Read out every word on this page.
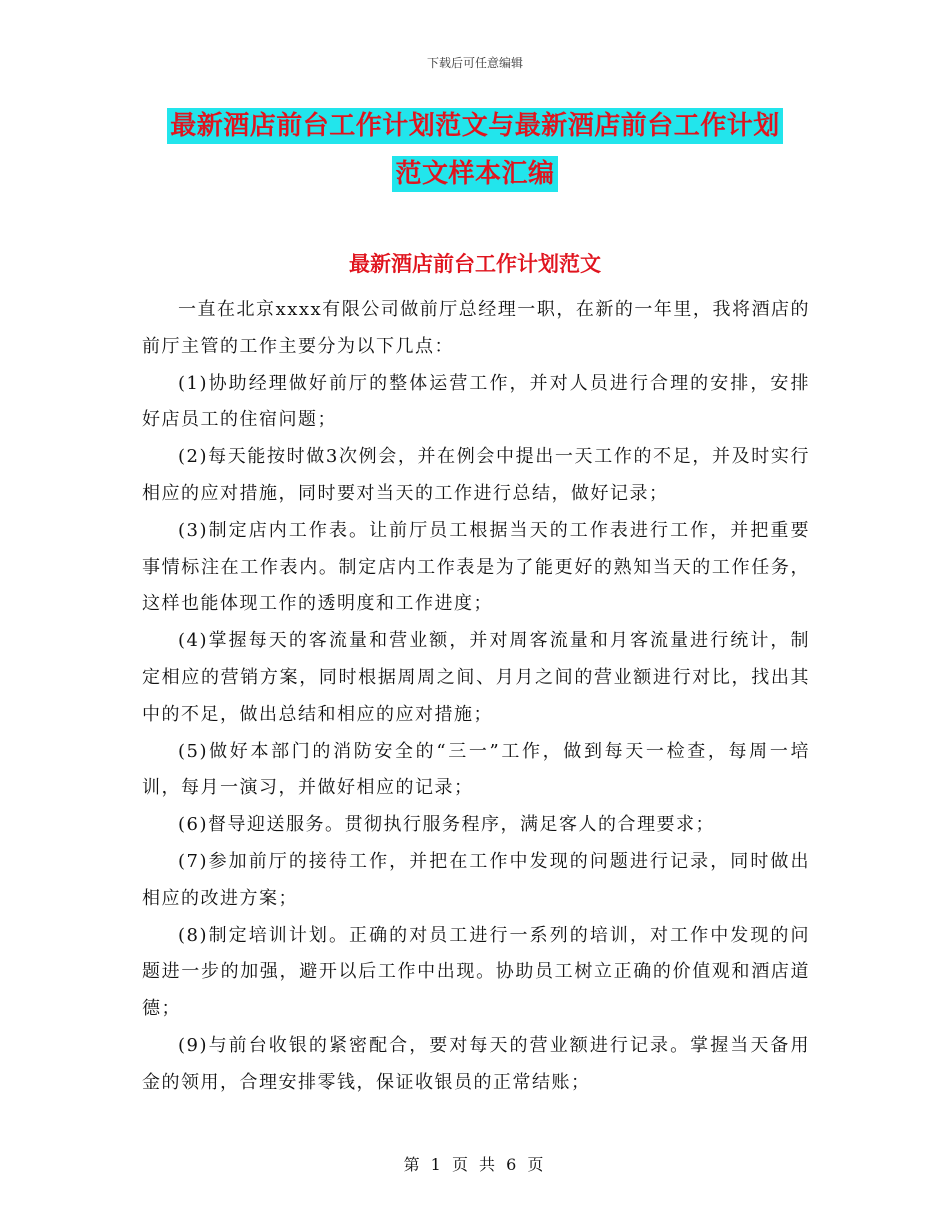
下载后可任意编辑
最新酒店前台工作计划范文与最新酒店前台工作计划
范文样本汇编
最新酒店前台工作计划范文

一直在北京xxxx有限公司做前厅总经理一职，在新的一年里，我将酒店的前厅主管的工作主要分为以下几点：

(1)协助经理做好前厅的整体运营工作，并对人员进行合理的安排，安排好店员工的住宿问题；

(2)每天能按时做3次例会，并在例会中提出一天工作的不足，并及时实行相应的应对措施，同时要对当天的工作进行总结，做好记录；

(3)制定店内工作表。让前厅员工根据当天的工作表进行工作，并把重要事情标注在工作表内。制定店内工作表是为了能更好的熟知当天的工作任务，这样也能体现工作的透明度和工作进度；

(4)掌握每天的客流量和营业额，并对周客流量和月客流量进行统计，制定相应的营销方案，同时根据周周之间、月月之间的营业额进行对比，找出其中的不足，做出总结和相应的应对措施；

(5)做好本部门的消防安全的“三一”工作，做到每天一检查，每周一培训，每月一演习，并做好相应的记录；

(6)督导迎送服务。贯彻执行服务程序，满足客人的合理要求；

(7)参加前厅的接待工作，并把在工作中发现的问题进行记录，同时做出相应的改进方案；

(8)制定培训计划。正确的对员工进行一系列的培训，对工作中发现的问题进一步的加强，避开以后工作中出现。协助员工树立正确的价值观和酒店道德；

(9)与前台收银的紧密配合，要对每天的营业额进行记录。掌握当天备用金的领用，合理安排零钱，保证收银员的正常结账；

第 1 页 共 6 页
